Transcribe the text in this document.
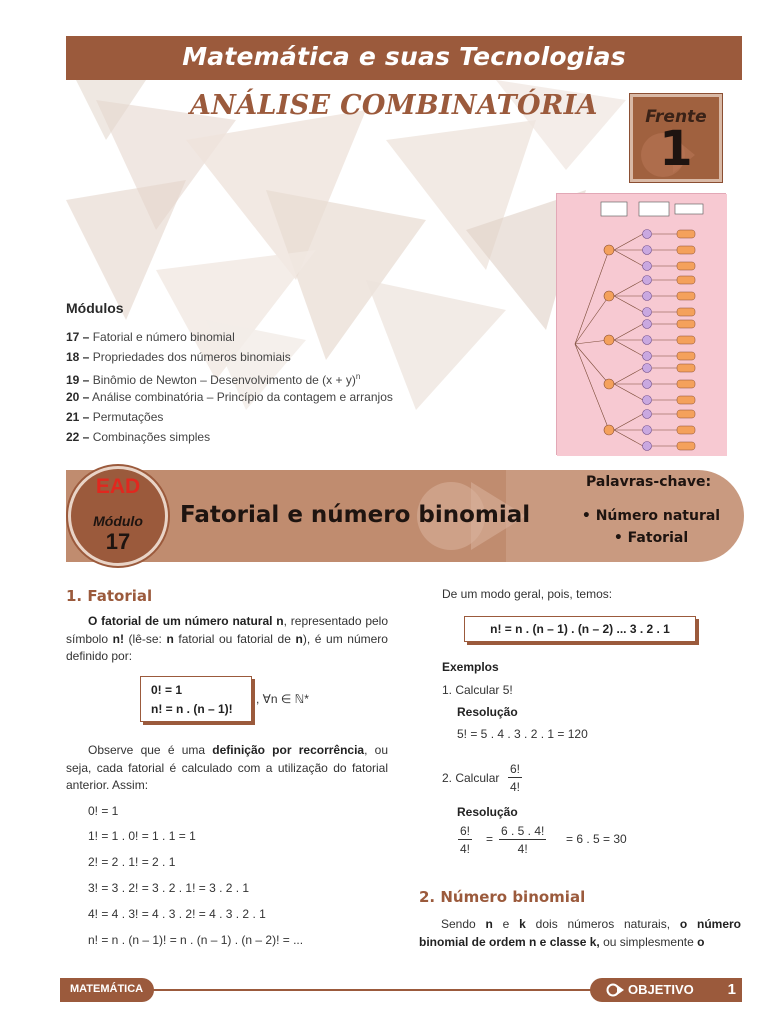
Matemática e suas Tecnologias
ANÁLISE COMBINATÓRIA	Frente
1
Módulos
17 – Fatorial e número binomial
18 – Propriedades dos números binomiais
19 – Binômio de Newton – Desenvolvimento de $(x + y)^n$
20 – Análise combinatória – Princípio da contagem e arranjos
21 – Permutações
22 – Combinações simples
EAD
Módulo
17
Fatorial e número binomial
Palavras-chave:
• Número natural
• Fatorial
1. Fatorial
O fatorial de um número natural n, representado pelo símbolo n! (lê-se: n fatorial ou fatorial de n), é um número definido por:
0! = 1
n! = n . (n – 1)!
, ∀n ∈ ℕ*
Observe que é uma definição por recorrência, ou seja, cada fatorial é calculado com a utilização do fatorial anterior. Assim:
0! = 1
1! = 1 . 0! = 1 . 1 = 1
2! = 2 . 1! = 2 . 1
3! = 3 . 2! = 3 . 2 . 1! = 3 . 2 . 1
4! = 4 . 3! = 4 . 3 . 2! = 4 . 3 . 2 . 1
n! = n . (n – 1)! = n . (n – 1) . (n – 2)! = ...
De um modo geral, pois, temos:
n! = n . (n – 1) . (n – 2) ... 3 . 2 . 1
Exemplos
1. Calcular 5!
Resolução
5! = 5 . 4 . 3 . 2 . 1 = 120
2. Calcular $\frac{6!}{4!}$
Resolução
$\frac{6!}{4!} = \frac{6 . 5 . 4!}{4!} = 6$ . 5 = 30
2. Número binomial
Sendo n e k dois números naturais, o número binomial de ordem n e classe k, ou simplesmente o
MATEMÁTICA	OBJETIVO 1
